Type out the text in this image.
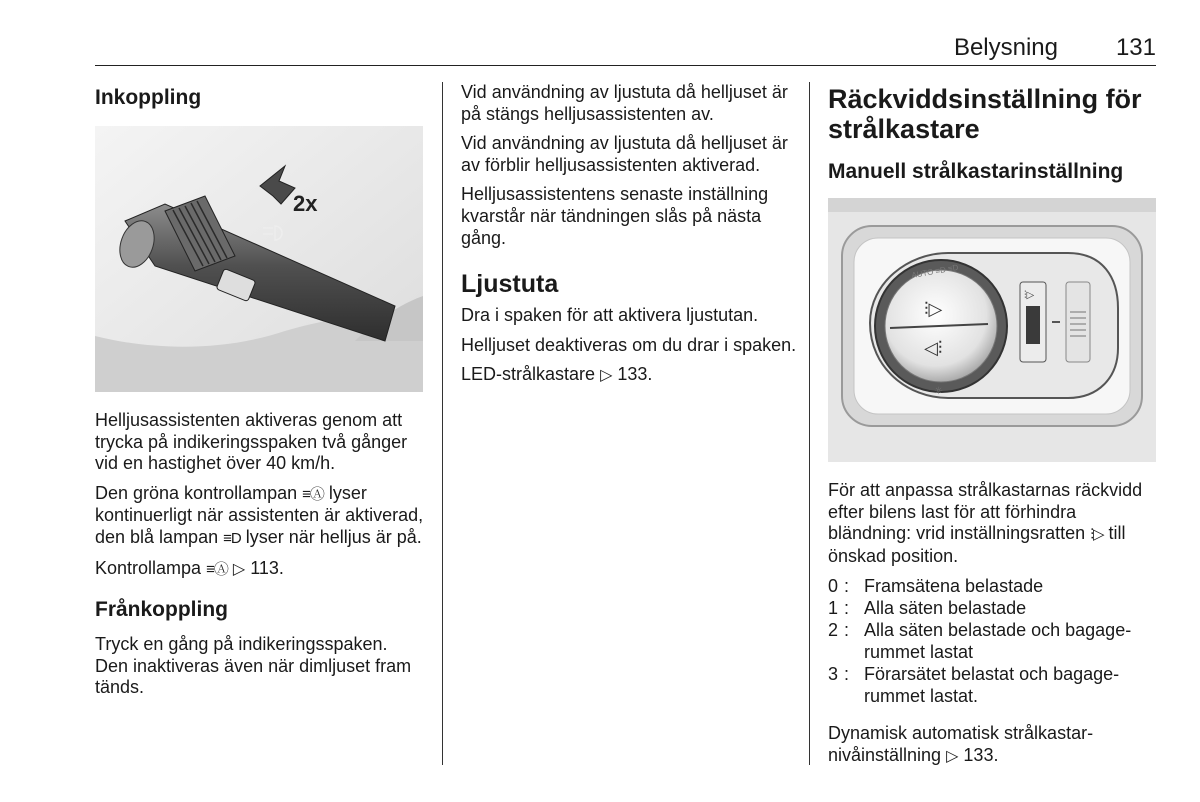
Belysning 131
Inkoppling
2x

Helljusassistenten aktiveras genom att trycka på indikeringsspaken två gånger vid en hastighet över 40 km/h.

Den gröna kontrollampan ≡Ⓐ lyser kontinuerligt när assistenten är aktiverad, den blå lampan ≡D lyser när helljus är på.

Kontrollampa ≡Ⓐ ▷ 113.

Frånkoppling

Tryck en gång på indikeringsspaken. Den inaktiveras även när dimljuset fram tänds.

Vid användning av ljustuta då helljuset är på stängs helljusassistenten av.

Vid användning av ljustuta då helljuset är av förblir helljusassistenten aktiverad.

Helljusassistentens senaste inställning kvarstår när tändningen slås på nästa gång.

Ljustuta

Dra i spaken för att aktivera ljustutan.

Helljuset deaktiveras om du drar i spaken.

LED-strålkastare ▷ 133.

Räckviddsinställning för strålkastare
Manuell strålkastarinställning
⫶▷
◁⫶
AUTO ≡D ≡D
☼
⫶▷

För att anpassa strålkastarnas räckvidd efter bilens last för att förhindra bländning: vrid inställningsratten ⫶▷ till önskad position.

0 : Framsätena belastade
1 : Alla säten belastade
2 : Alla säten belastade och bagagerummet lastat
3 : Förarsätet belastat och bagagerummet lastat.

Dynamisk automatisk strålkastarnivåinställning ▷ 133.
